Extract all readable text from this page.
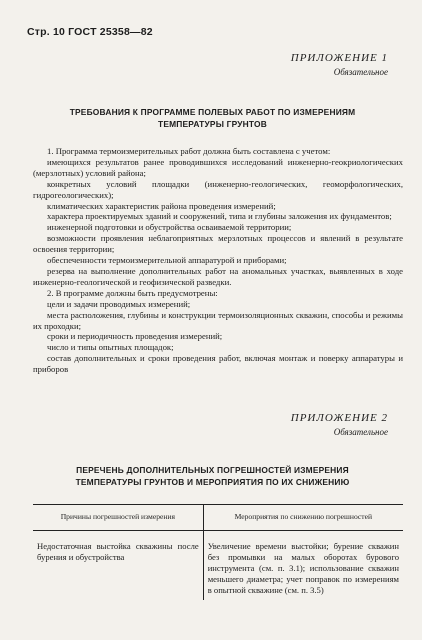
Стр. 10 ГОСТ 25358—82
ПРИЛОЖЕНИЕ 1
Обязательное
ТРЕБОВАНИЯ К ПРОГРАММЕ ПОЛЕВЫХ РАБОТ ПО ИЗМЕРЕНИЯМ
ТЕМПЕРАТУРЫ ГРУНТОВ

1. Программа термоизмерительных работ должна быть составлена с учетом:

имеющихся результатов ранее проводившихся исследований инженерно-геокриологических (мерзлотных) условий района;

конкретных условий площадки (инженерно-геологических, геоморфологических, гидрогеологических);

климатических характеристик района проведения измерений;

характера проектируемых зданий и сооружений, типа и глубины заложения их фундаментов;

инженерной подготовки и обустройства осваиваемой территории;

возможности проявления неблагоприятных мерзлотных процессов и явлений в результате освоения территории;

обеспеченности термоизмерительной аппаратурой и приборами;

резерва на выполнение дополнительных работ на аномальных участках, выявленных в ходе инженерно-геологической и геофизической разведки.

2. В программе должны быть предусмотрены:

цели и задачи проводимых измерений;

места расположения, глубины и конструкции термоизоляционных скважин, способы и режимы их проходки;

сроки и периодичность проведения измерений;

число и типы опытных площадок;

состав дополнительных и сроки проведения работ, включая монтаж и поверку аппаратуры и приборов

ПРИЛОЖЕНИЕ 2
Обязательное
ПЕРЕЧЕНЬ ДОПОЛНИТЕЛЬНЫХ ПОГРЕШНОСТЕЙ ИЗМЕРЕНИЯ
ТЕМПЕРАТУРЫ ГРУНТОВ И МЕРОПРИЯТИЯ ПО ИХ СНИЖЕНИЮ
Причины погрешностей измерения	Мероприятия по снижению погрешностей

Недостаточная выстойка скважины после бурения и обустройства	Увеличение времени выстойки; бурение скважин без промывки на малых оборотах бурового инструмента (см. п. 3.1); использование скважин меньшего диаметра; учет поправок по измерениям в опытной скважине (см. п. 3.5)
